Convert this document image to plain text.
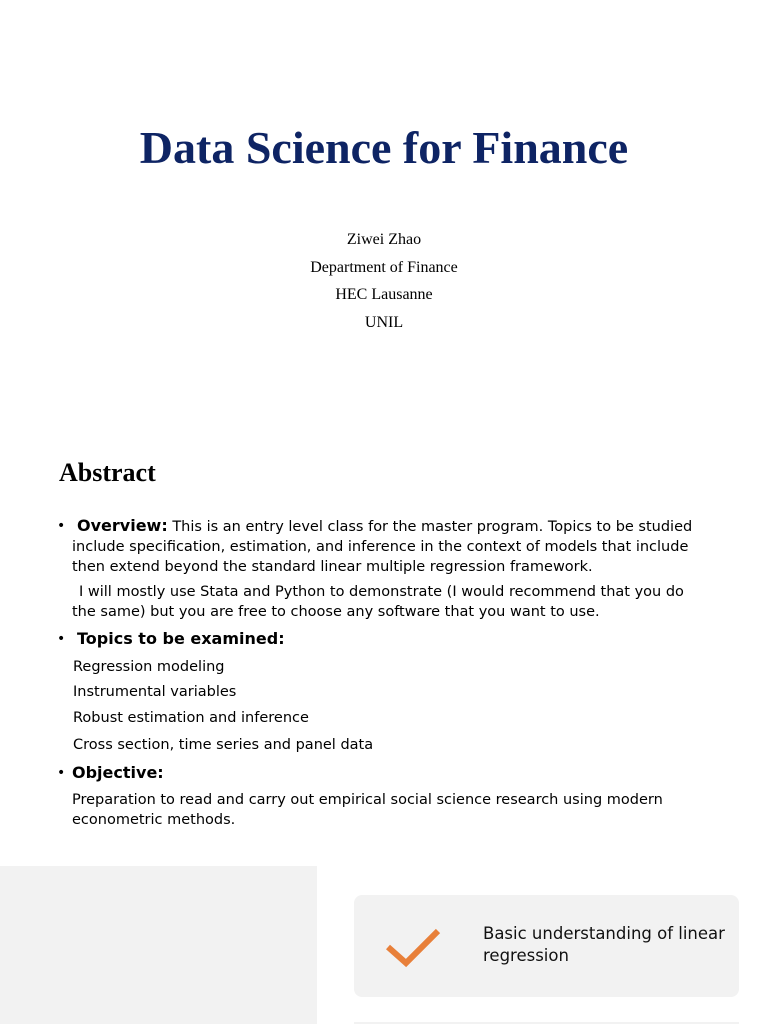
Data Science for Finance
Ziwei Zhao
Department of Finance
HEC Lausanne
UNIL
Abstract
• Overview: This is an entry level class for the master program. Topics to be studied
include specification, estimation, and inference in the context of models that include
then extend beyond the standard linear multiple regression framework.
I will mostly use Stata and Python to demonstrate (I would recommend that you do
the same) but you are free to choose any software that you want to use.
• Topics to be examined:
Regression modeling
Instrumental variables
Robust estimation and inference
Cross section, time series and panel data
• Objective:
Preparation to read and carry out empirical social science research using modern
econometric methods.
Basic understanding of linear
regression
